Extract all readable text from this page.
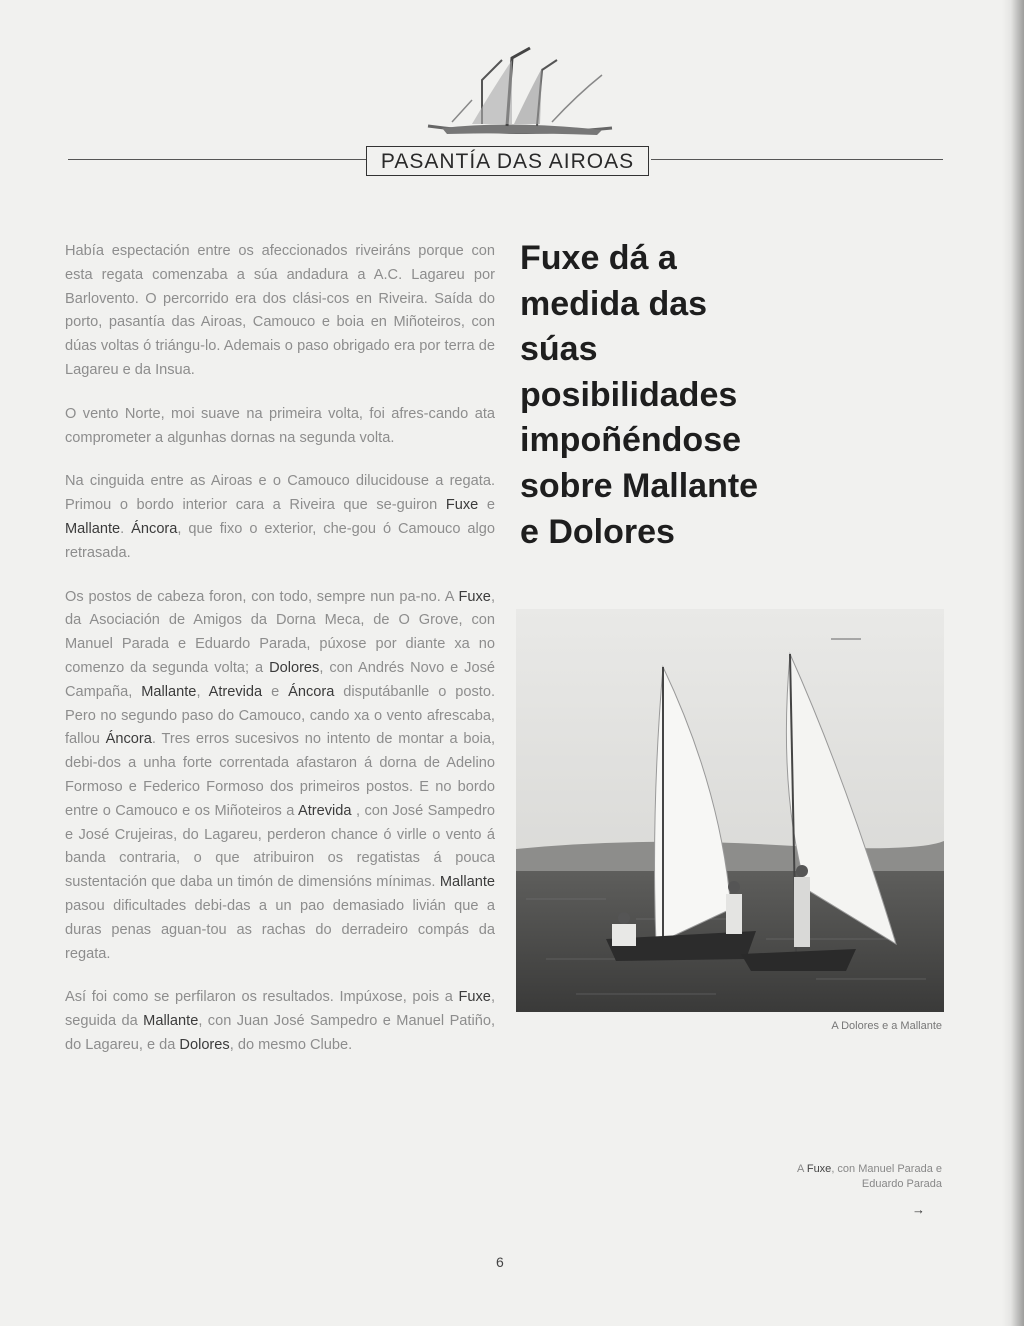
PASANTÍA DAS AIROAS

Había espectación entre os afeccionados riveiráns porque con esta regata comenzaba a súa andadura a A.C. Lagareu por Barlovento. O percorrido era dos clási-cos en Riveira. Saída do porto, pasantía das Airoas, Camouco e boia en Miñoteiros, con dúas voltas ó triángu-lo. Ademais o paso obrigado era por terra de Lagareu e da Insua.

O vento Norte, moi suave na primeira volta, foi afres-cando ata comprometer a algunhas dornas na segunda volta.

Na cinguida entre as Airoas e o Camouco dilucidouse a regata. Primou o bordo interior cara a Riveira que se-guiron Fuxe e Mallante. Áncora, que fixo o exterior, che-gou ó Camouco algo retrasada.

Os postos de cabeza foron, con todo, sempre nun pa-no. A Fuxe, da Asociación de Amigos da Dorna Meca, de O Grove, con Manuel Parada e Eduardo Parada, púxose por diante xa no comenzo da segunda volta; a Dolores, con Andrés Novo e José Campaña, Mallante, Atrevida e Áncora disputábanlle o posto. Pero no segundo paso do Camouco, cando xa o vento afrescaba, fallou Áncora. Tres erros sucesivos no intento de montar a boia, debi-dos a unha forte correntada afastaron á dorna de Adelino Formoso e Federico Formoso dos primeiros postos. E no bordo entre o Camouco e os Miñoteiros a Atrevida , con José Sampedro e José Crujeiras, do Lagareu, perderon chance ó virlle o vento á banda contraria, o que atribuiron os regatistas á pouca sustentación que daba un timón de dimensións mínimas. Mallante pasou dificultades debi-das a un pao demasiado livián que a duras penas aguan-tou as rachas do derradeiro compás da regata.

Así foi como se perfilaron os resultados. Impúxose, pois a Fuxe, seguida da Mallante, con Juan José Sampedro e Manuel Patiño, do Lagareu, e da Dolores, do mesmo Clube.

Fuxe dá a
medida das
súas
posibilidades
impoñéndose
sobre Mallante
e Dolores
A Dolores e a Mallante
A Fuxe, con Manuel Parada e Eduardo Parada
→
6
